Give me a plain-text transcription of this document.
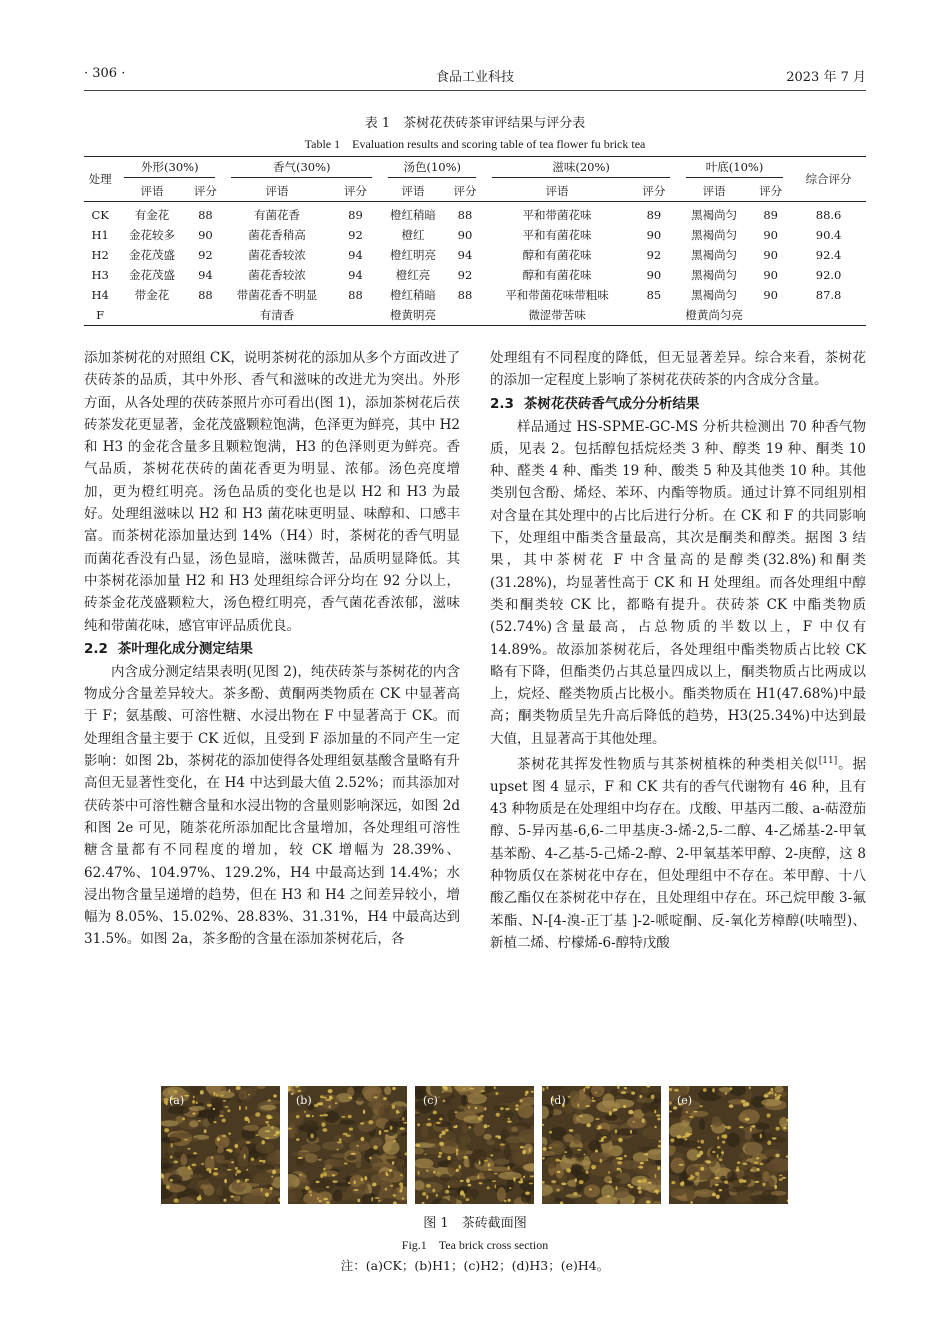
· 306 ·	食品工业科技	2023 年 7 月
表 1　茶树花茯砖茶审评结果与评分表
Table 1　Evaluation results and scoring table of tea flower fu brick tea
处理	外形(30%)		香气(30%)		汤色(10%)		滋味(20%)		叶底(10%)		综合评分
	评语	评分	评语	评分	评语	评分	评语	评分	评语	评分	
CK	有金花	88	有菌花香	89	橙红稍暗	88	平和带菌花味	89	黑褐尚匀	89	88.6
H1	金花较多	90	菌花香稍高	92	橙红	90	平和有菌花味	90	黑褐尚匀	90	90.4
H2	金花茂盛	92	菌花香较浓	94	橙红明亮	94	醇和有菌花味	92	黑褐尚匀	90	92.4
H3	金花茂盛	94	菌花香较浓	94	橙红亮	92	醇和有菌花味	90	黑褐尚匀	90	92.0
H4	带金花	88	带菌花香不明显	88	橙红稍暗	88	平和带菌花味带粗味	85	黑褐尚匀	90	87.8
F			有清香		橙黄明亮		微涩带苦味		橙黄尚匀亮		

添加茶树花的对照组 CK，说明茶树花的添加从多个方面改进了茯砖茶的品质，其中外形、香气和滋味的改进尤为突出。外形方面，从各处理的茯砖茶照片亦可看出(图 1)，添加茶树花后茯砖茶发花更显著，金花茂盛颗粒饱满，色泽更为鲜亮，其中 H2 和 H3 的金花含量多且颗粒饱满，H3 的色泽则更为鲜亮。香气品质，茶树花茯砖的菌花香更为明显、浓郁。汤色亮度增加，更为橙红明亮。汤色品质的变化也是以 H2 和 H3 为最好。处理组滋味以 H2 和 H3 菌花味更明显、味醇和、口感丰富。而茶树花添加量达到 14%（H4）时，茶树花的香气明显而菌花香没有凸显，汤色显暗，滋味微苦，品质明显降低。其中茶树花添加量 H2 和 H3 处理组综合评分均在 92 分以上，砖茶金花茂盛颗粒大，汤色橙红明亮，香气菌花香浓郁，滋味纯和带菌花味，感官审评品质优良。

2.2 茶叶理化成分测定结果

内含成分测定结果表明(见图 2)，纯茯砖茶与茶树花的内含物成分含量差异较大。茶多酚、黄酮两类物质在 CK 中显著高于 F；氨基酸、可溶性糖、水浸出物在 F 中显著高于 CK。而处理组含量主要于 CK 近似，且受到 F 添加量的不同产生一定影响：如图 2b，茶树花的添加使得各处理组氨基酸含量略有升高但无显著性变化，在 H4 中达到最大值 2.52%；而其添加对茯砖茶中可溶性糖含量和水浸出物的含量则影响深远，如图 2d 和图 2e 可见，随茶花所添加配比含量增加，各处理组可溶性糖含量都有不同程度的增加，较 CK 增幅为 28.39%、62.47%、104.97%、129.2%，H4 中最高达到 14.4%；水浸出物含量呈递增的趋势，但在 H3 和 H4 之间差异较小，增幅为 8.05%、15.02%、28.83%、31.31%，H4 中最高达到 31.5%。如图 2a，茶多酚的含量在添加茶树花后，各

处理组有不同程度的降低，但无显著差异。综合来看，茶树花的添加一定程度上影响了茶树花茯砖茶的内含成分含量。

2.3 茶树花茯砖香气成分分析结果

样品通过 HS-SPME-GC-MS 分析共检测出 70 种香气物质，见表 2。包括醇包括烷烃类 3 种、醇类 19 种、酮类 10 种、醛类 4 种、酯类 19 种、酸类 5 种及其他类 10 种。其他类别包含酚、烯烃、苯环、内酯等物质。通过计算不同组别相对含量在其处理中的占比后进行分析。在 CK 和 F 的共同影响下，处理组中酯类含量最高，其次是酮类和醇类。据图 3 结果，其中茶树花 F 中含量高的是醇类(32.8%)和酮类(31.28%)，均显著性高于 CK 和 H 处理组。而各处理组中醇类和酮类较 CK 比，都略有提升。茯砖茶 CK 中酯类物质(52.74%)含量最高，占总物质的半数以上，F 中仅有 14.89%。故添加茶树花后，各处理组中酯类物质占比较 CK 略有下降，但酯类仍占其总量四成以上，酮类物质占比两成以上，烷烃、醛类物质占比极小。酯类物质在 H1(47.68%)中最高；酮类物质呈先升高后降低的趋势，H3(25.34%)中达到最大值，且显著高于其他处理。

茶树花其挥发性物质与其茶树植株的种类相关似[11]。据 upset 图 4 显示，F 和 CK 共有的香气代谢物有 46 种，且有 43 种物质是在处理组中均存在。戊酸、甲基丙二酸、a-萜澄茄醇、5-异丙基-6,6-二甲基庚-3-烯-2,5-二醇、4-乙烯基-2-甲氧基苯酚、4-乙基-5-己烯-2-醇、2-甲氧基苯甲醇、2-庚醇，这 8 种物质仅在茶树花中存在，但处理组中不存在。苯甲醇、十八酸乙酯仅在茶树花中存在，且处理组中存在。环己烷甲酸 3-氟苯酯、N-[4-溴-正丁基 ]-2-哌啶酮、反-氧化芳樟醇(呋喃型)、新植二烯、柠檬烯-6-醇特戊酸

(a)	(b)	(c)	(d)	(e)
图 1　茶砖截面图
Fig.1　Tea brick cross section
注：(a)CK；(b)H1；(c)H2；(d)H3；(e)H4。
